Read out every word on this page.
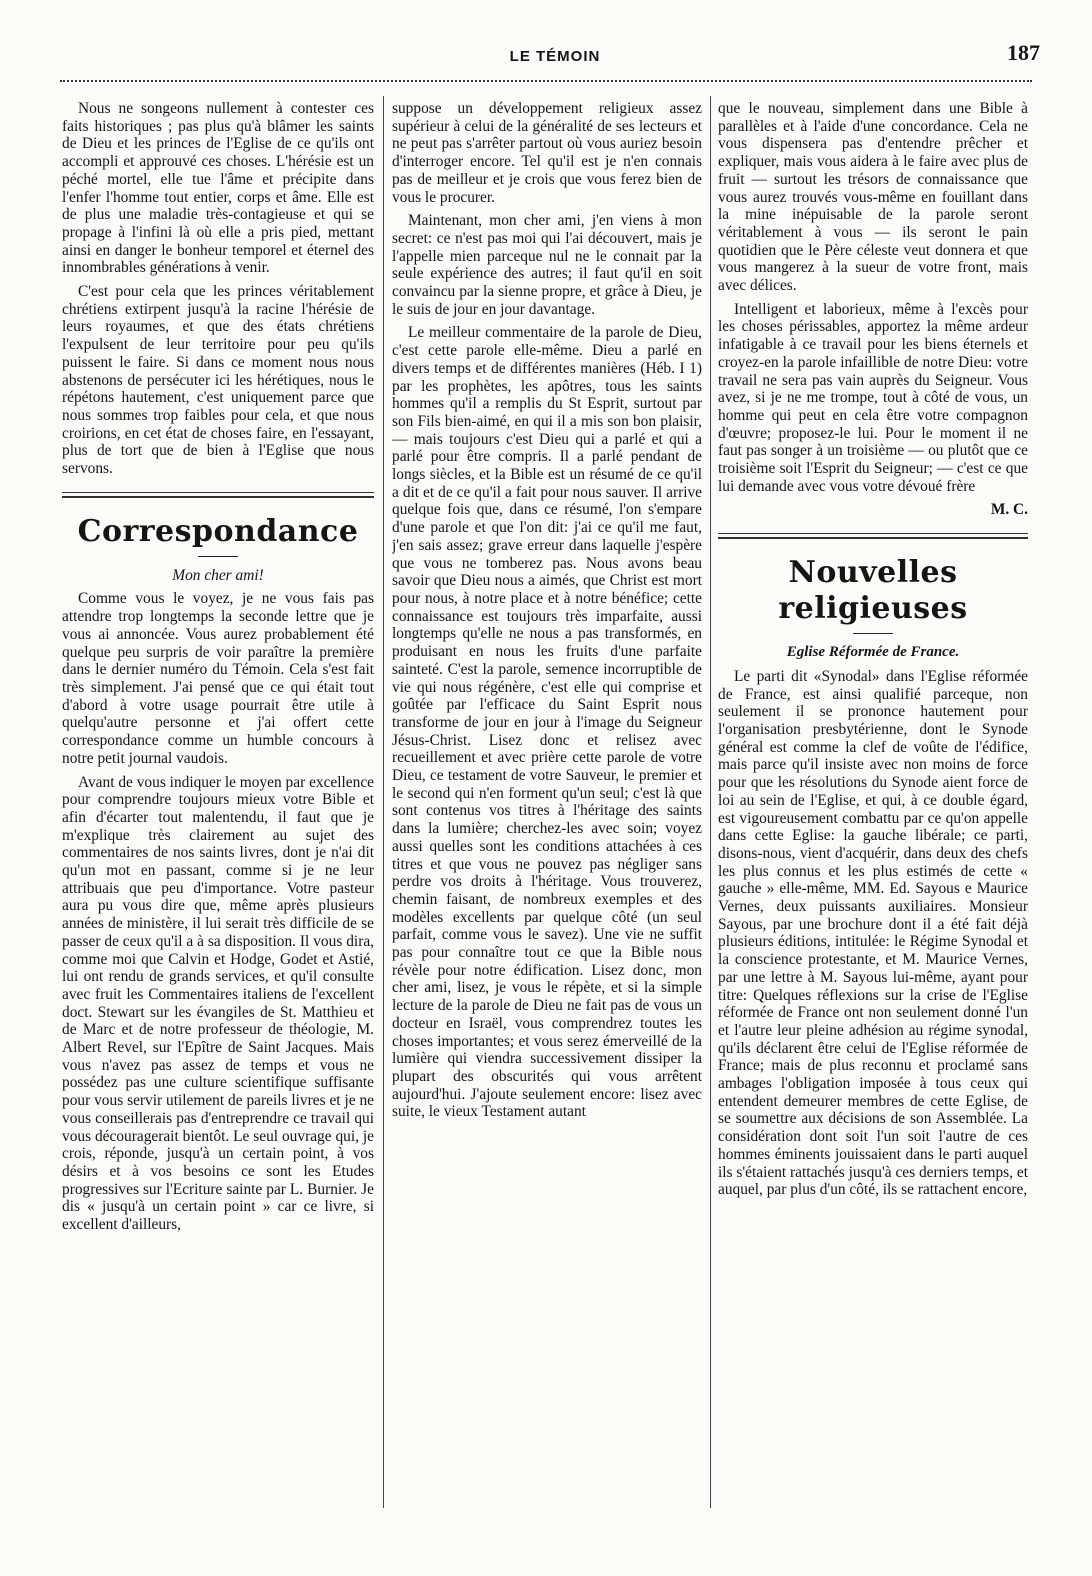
LE TÉMOIN	187

Nous ne songeons nullement à contester ces faits historiques ; pas plus qu'à blâmer les saints de Dieu et les princes de l'Eglise de ce qu'ils ont accompli et approuvé ces choses. L'hérésie est un péché mortel, elle tue l'âme et précipite dans l'enfer l'homme tout entier, corps et âme. Elle est de plus une maladie très-contagieuse et qui se propage à l'infini là où elle a pris pied, mettant ainsi en danger le bonheur temporel et éternel des innombrables générations à venir.

C'est pour cela que les princes véritablement chrétiens extirpent jusqu'à la racine l'hérésie de leurs royaumes, et que des états chrétiens l'expulsent de leur territoire pour peu qu'ils puissent le faire. Si dans ce moment nous nous abstenons de persécuter ici les hérétiques, nous le répétons hautement, c'est uniquement parce que nous sommes trop faibles pour cela, et que nous croirions, en cet état de choses faire, en l'essayant, plus de tort que de bien à l'Eglise que nous servons.

Correspondance

Mon cher ami!

Comme vous le voyez, je ne vous fais pas attendre trop longtemps la seconde lettre que je vous ai annoncée. Vous aurez probablement été quelque peu surpris de voir paraître la première dans le dernier numéro du Témoin. Cela s'est fait très simplement. J'ai pensé que ce qui était tout d'abord à votre usage pourrait être utile à quelqu'autre personne et j'ai offert cette correspondance comme un humble concours à notre petit journal vaudois.

Avant de vous indiquer le moyen par excellence pour comprendre toujours mieux votre Bible et afin d'écarter tout malentendu, il faut que je m'explique très clairement au sujet des commentaires de nos saints livres, dont je n'ai dit qu'un mot en passant, comme si je ne leur attribuais que peu d'importance. Votre pasteur aura pu vous dire que, même après plusieurs années de ministère, il lui serait très difficile de se passer de ceux qu'il a à sa disposition. Il vous dira, comme moi que Calvin et Hodge, Godet et Astié, lui ont rendu de grands services, et qu'il consulte avec fruit les Commentaires italiens de l'excellent doct. Stewart sur les évangiles de St. Matthieu et de Marc et de notre professeur de théologie, M. Albert Revel, sur l'Epître de Saint Jacques. Mais vous n'avez pas assez de temps et vous ne possédez pas une culture scientifique suffisante pour vous servir utilement de pareils livres et je ne vous conseillerais pas d'entreprendre ce travail qui vous découragerait bientôt. Le seul ouvrage qui, je crois, réponde, jusqu'à un certain point, à vos désirs et à vos besoins ce sont les Etudes progressives sur l'Ecriture sainte par L. Burnier. Je dis « jusqu'à un certain point » car ce livre, si excellent d'ailleurs,

suppose un développement religieux assez supérieur à celui de la généralité de ses lecteurs et ne peut pas s'arrêter partout où vous auriez besoin d'interroger encore. Tel qu'il est je n'en connais pas de meilleur et je crois que vous ferez bien de vous le procurer.

Maintenant, mon cher ami, j'en viens à mon secret: ce n'est pas moi qui l'ai découvert, mais je l'appelle mien parceque nul ne le connait par la seule expérience des autres; il faut qu'il en soit convaincu par la sienne propre, et grâce à Dieu, je le suis de jour en jour davantage.

Le meilleur commentaire de la parole de Dieu, c'est cette parole elle-même. Dieu a parlé en divers temps et de différentes manières (Héb. I 1) par les prophètes, les apôtres, tous les saints hommes qu'il a remplis du St Esprit, surtout par son Fils bien-aimé, en qui il a mis son bon plaisir, — mais toujours c'est Dieu qui a parlé et qui a parlé pour être compris. Il a parlé pendant de longs siècles, et la Bible est un résumé de ce qu'il a dit et de ce qu'il a fait pour nous sauver. Il arrive quelque fois que, dans ce résumé, l'on s'empare d'une parole et que l'on dit: j'ai ce qu'il me faut, j'en sais assez; grave erreur dans laquelle j'espère que vous ne tomberez pas. Nous avons beau savoir que Dieu nous a aimés, que Christ est mort pour nous, à notre place et à notre bénéfice; cette connaissance est toujours très imparfaite, aussi longtemps qu'elle ne nous a pas transformés, en produisant en nous les fruits d'une parfaite sainteté. C'est la parole, semence incorruptible de vie qui nous régénère, c'est elle qui comprise et goûtée par l'efficace du Saint Esprit nous transforme de jour en jour à l'image du Seigneur Jésus-Christ. Lisez donc et relisez avec recueillement et avec prière cette parole de votre Dieu, ce testament de votre Sauveur, le premier et le second qui n'en forment qu'un seul; c'est là que sont contenus vos titres à l'héritage des saints dans la lumière; cherchez-les avec soin; voyez aussi quelles sont les conditions attachées à ces titres et que vous ne pouvez pas négliger sans perdre vos droits à l'héritage. Vous trouverez, chemin faisant, de nombreux exemples et des modèles excellents par quelque côté (un seul parfait, comme vous le savez). Une vie ne suffit pas pour connaître tout ce que la Bible nous révèle pour notre édification. Lisez donc, mon cher ami, lisez, je vous le répète, et si la simple lecture de la parole de Dieu ne fait pas de vous un docteur en Israël, vous comprendrez toutes les choses importantes; et vous serez émerveillé de la lumière qui viendra successivement dissiper la plupart des obscurités qui vous arrêtent aujourd'hui. J'ajoute seulement encore: lisez avec suite, le vieux Testament autant

que le nouveau, simplement dans une Bible à parallèles et à l'aide d'une concordance. Cela ne vous dispensera pas d'entendre prêcher et expliquer, mais vous aidera à le faire avec plus de fruit — surtout les trésors de connaissance que vous aurez trouvés vous-même en fouillant dans la mine inépuisable de la parole seront véritablement à vous — ils seront le pain quotidien que le Père céleste veut donnera et que vous mangerez à la sueur de votre front, mais avec délices.

Intelligent et laborieux, même à l'excès pour les choses périssables, apportez la même ardeur infatigable à ce travail pour les biens éternels et croyez-en la parole infaillible de notre Dieu: votre travail ne sera pas vain auprès du Seigneur. Vous avez, si je ne me trompe, tout à côté de vous, un homme qui peut en cela être votre compagnon d'œuvre; proposez-le lui. Pour le moment il ne faut pas songer à un troisième — ou plutôt que ce troisième soit l'Esprit du Seigneur; — c'est ce que lui demande avec vous votre dévoué frère

M. C.

Nouvelles religieuses

Eglise Réformée de France.

Le parti dit «Synodal» dans l'Eglise réformée de France, est ainsi qualifié parceque, non seulement il se prononce hautement pour l'organisation presbytérienne, dont le Synode général est comme la clef de voûte de l'édifice, mais parce qu'il insiste avec non moins de force pour que les résolutions du Synode aient force de loi au sein de l'Eglise, et qui, à ce double égard, est vigoureusement combattu par ce qu'on appelle dans cette Eglise: la gauche libérale; ce parti, disons-nous, vient d'acquérir, dans deux des chefs les plus connus et les plus estimés de cette « gauche » elle-même, MM. Ed. Sayous e Maurice Vernes, deux puissants auxiliaires. Monsieur Sayous, par une brochure dont il a été fait déjà plusieurs éditions, intitulée: le Régime Synodal et la conscience protestante, et M. Maurice Vernes, par une lettre à M. Sayous lui-même, ayant pour titre: Quelques réflexions sur la crise de l'Eglise réformée de France ont non seulement donné l'un et l'autre leur pleine adhésion au régime synodal, qu'ils déclarent être celui de l'Eglise réformée de France; mais de plus reconnu et proclamé sans ambages l'obligation imposée à tous ceux qui entendent demeurer membres de cette Eglise, de se soumettre aux décisions de son Assemblée. La considération dont soit l'un soit l'autre de ces hommes éminents jouissaient dans le parti auquel ils s'étaient rattachés jusqu'à ces derniers temps, et auquel, par plus d'un côté, ils se rattachent encore,
